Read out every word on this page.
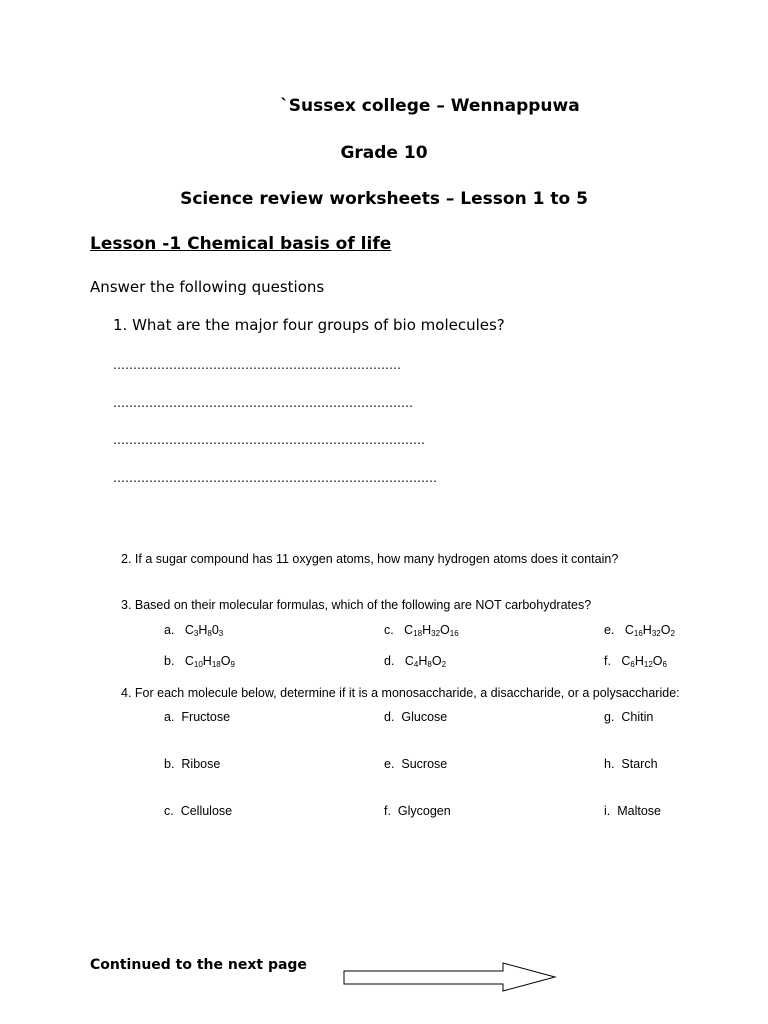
`Sussex college – Wennappuwa
Grade 10
Science review worksheets – Lesson 1 to 5
Lesson -1 Chemical basis of life
Answer the following questions
1. What are the major four groups of bio molecules?
………………………………………………………………
…………………………………………………………………
……………………………………………………………………
………………………………………………………………………
2. If a sugar compound has 11 oxygen atoms, how many hydrogen atoms does it contain?
3. Based on their molecular formulas, which of the following are NOT carbohydrates?
a. $C_3H_80_3$	c. $C_{18}H_{32}O_{16}$	e. $C_{16}H_{32}O_2$
b. $C_{10}H_{18}O_9$	d. $C_4H_8O_2$	f. $C_6H_{12}O_6$
4. For each molecule below, determine if it is a monosaccharide, a disaccharide, or a polysaccharide:
a. Fructose	d. Glucose	g. Chitin
b. Ribose	e. Sucrose	h. Starch
c. Cellulose	f. Glycogen	i. Maltose
Continued to the next page
